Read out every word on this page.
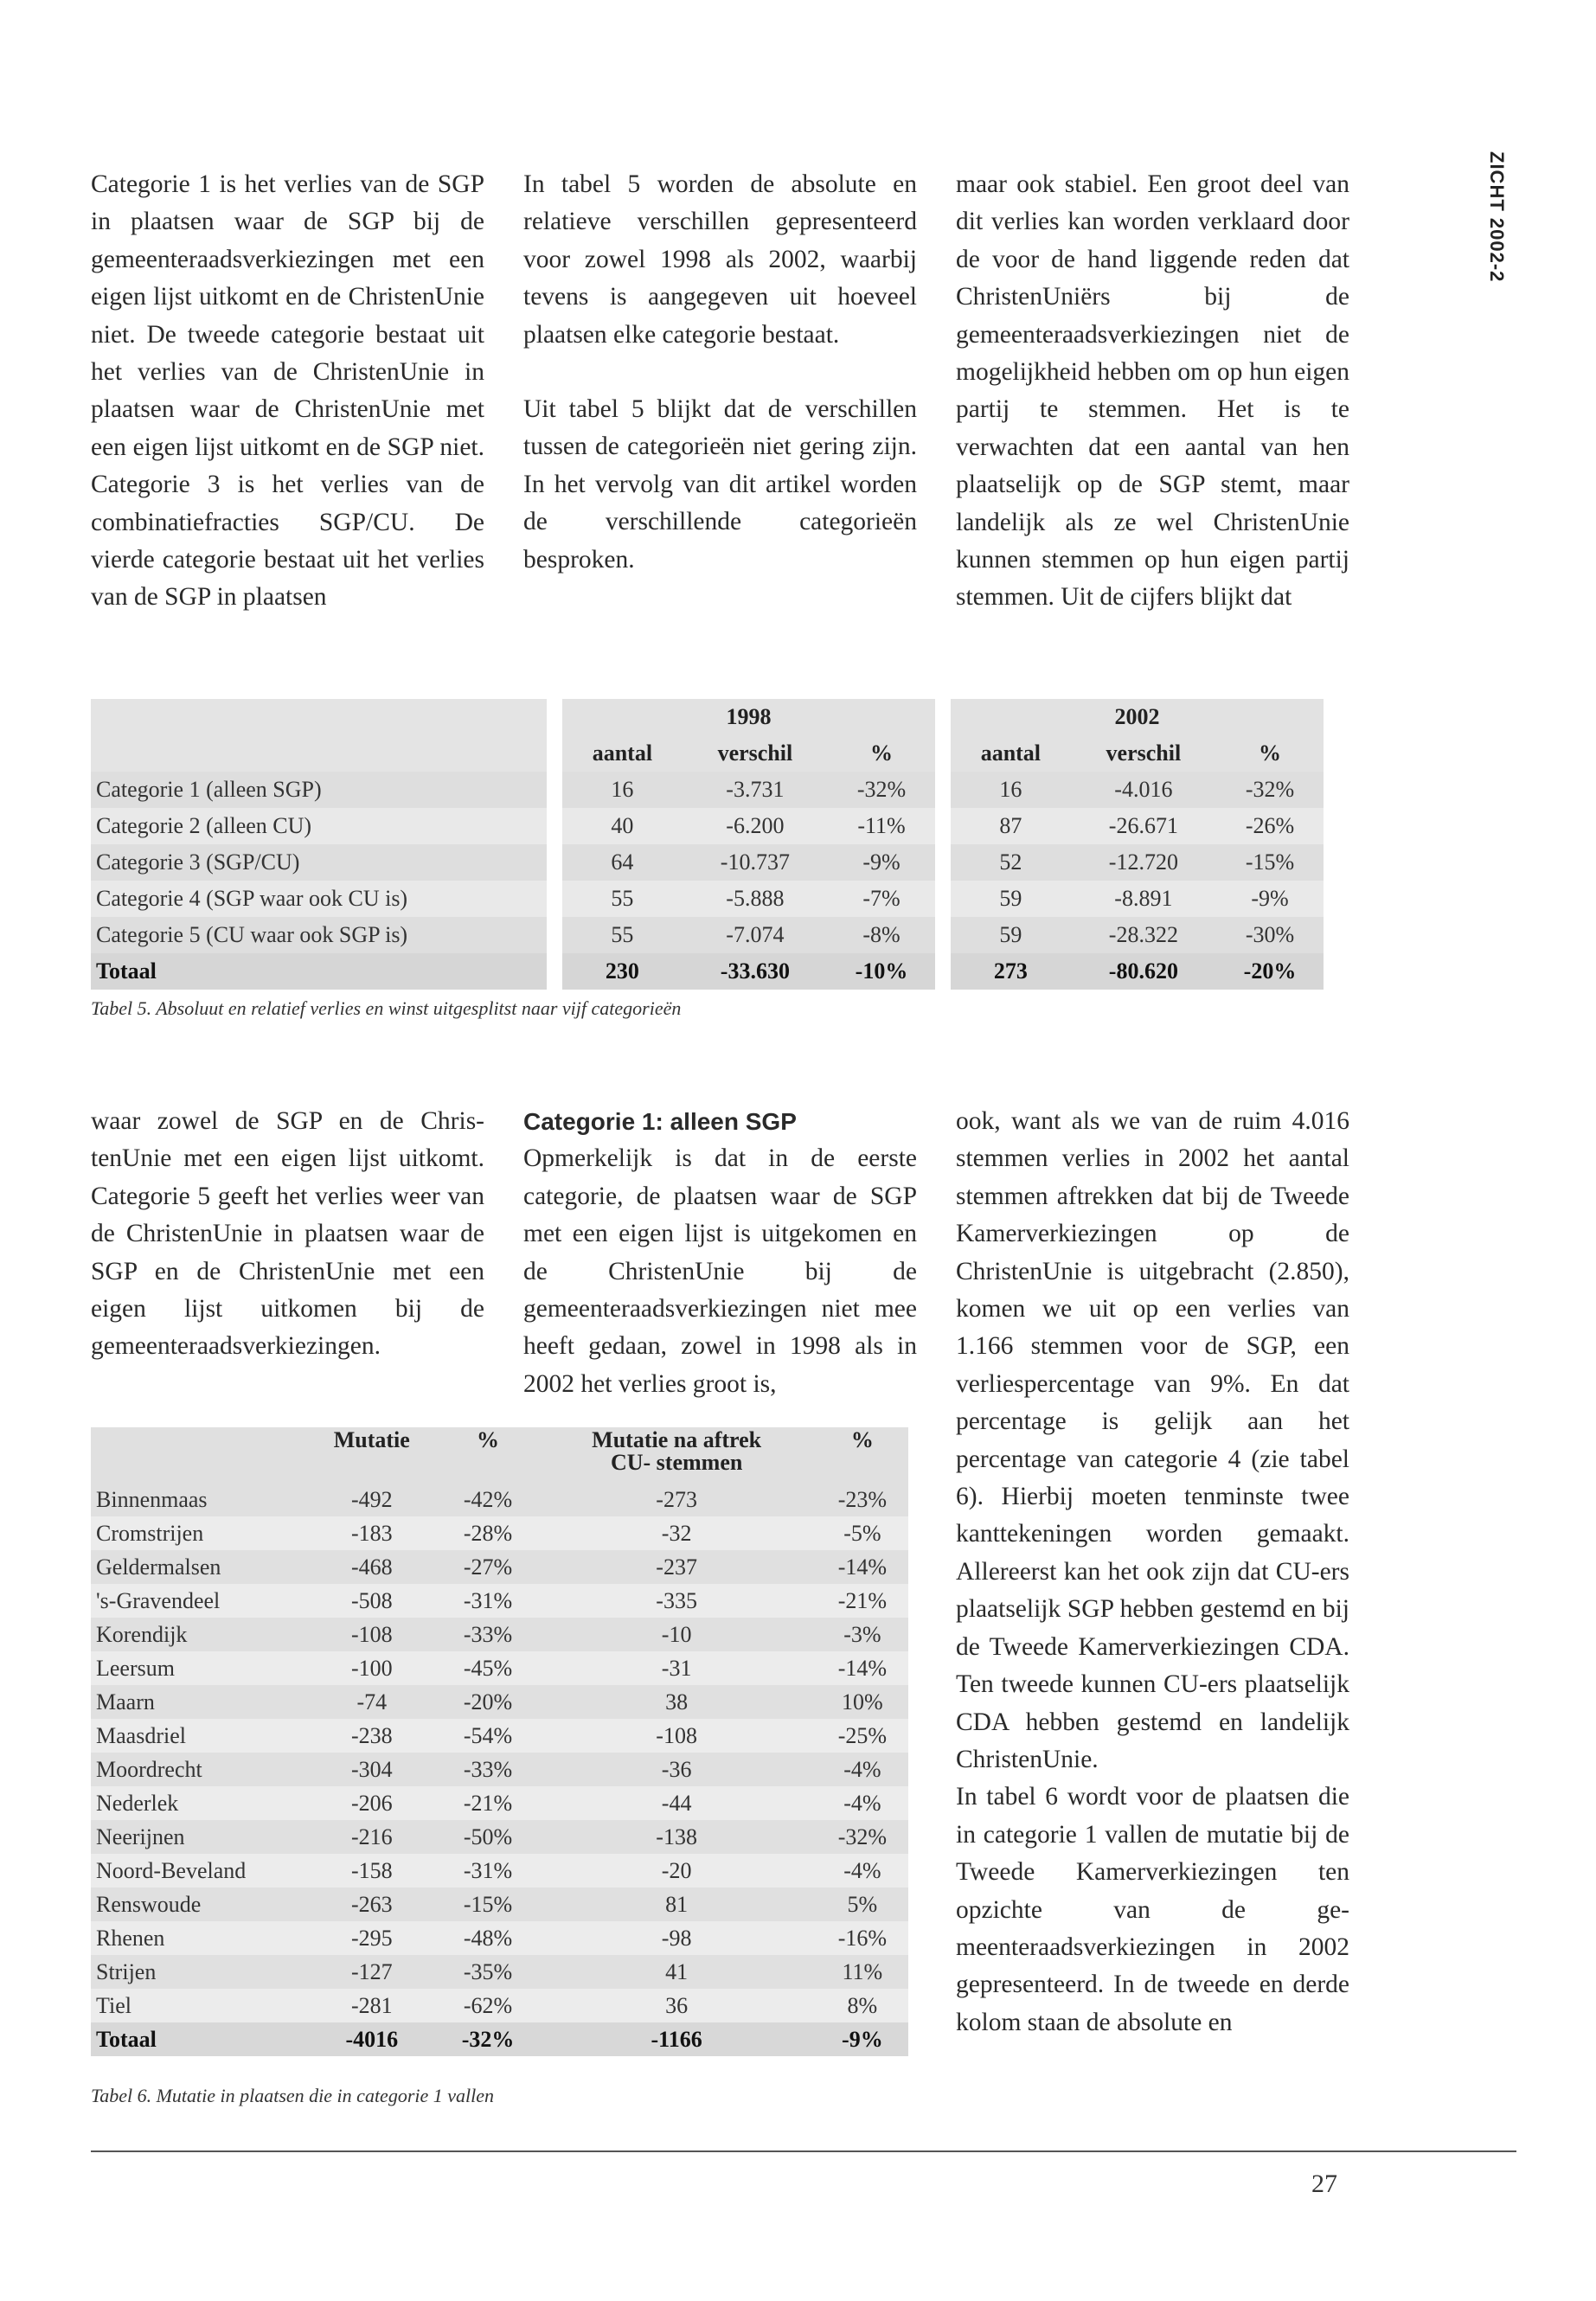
ZICHT 2002-2

Categorie 1 is het verlies van de SGP in plaatsen waar de SGP bij de gemeenteraadsverkiezingen met een eigen lijst uitkomt en de ChristenUnie niet. De tweede categorie bestaat uit het verlies van de ChristenUnie in plaatsen waar de ChristenUnie met een eigen lijst uitkomt en de SGP niet. Categorie 3 is het verlies van de combinatiefracties SGP/CU. De vierde categorie bestaat uit het verlies van de SGP in plaatsen

In tabel 5 worden de absolute en relatieve verschillen gepresenteerd voor zowel 1998 als 2002, waarbij tevens is aangegeven uit hoeveel plaatsen elke categorie bestaat.

Uit tabel 5 blijkt dat de verschillen tussen de categorieën niet gering zijn. In het vervolg van dit artikel worden de verschillende categorieën besproken.

maar ook stabiel. Een groot deel van dit verlies kan worden verklaard door de voor de hand liggende reden dat ChristenUniërs bij de gemeenteraadsverkiezingen niet de mogelijkheid hebben om op hun eigen partij te stemmen. Het is te verwachten dat een aantal van hen plaatselijk op de SGP stemt, maar landelijk als ze wel ChristenUnie kunnen stemmen op hun eigen partij stemmen. Uit de cijfers blijkt dat

		1998				2002		
		aantal	verschil	%		aantal	verschil	%
Categorie 1 (alleen SGP)		16	-3.731	-32%		16	-4.016	-32%
Categorie 2 (alleen CU)		40	-6.200	-11%		87	-26.671	-26%
Categorie 3 (SGP/CU)		64	-10.737	-9%		52	-12.720	-15%
Categorie 4 (SGP waar ook CU is)		55	-5.888	-7%		59	-8.891	-9%
Categorie 5 (CU waar ook SGP is)		55	-7.074	-8%		59	-28.322	-30%
Totaal		230	-33.630	-10%		273	-80.620	-20%
Tabel 5. Absoluut en relatief verlies en winst uitgesplitst naar vijf categorieën

waar zowel de SGP en de ChristenUnie met een eigen lijst uitkomt. Categorie 5 geeft het verlies weer van de ChristenUnie in plaatsen waar de SGP en de ChristenUnie met een eigen lijst uitkomen bij de gemeenteraadsverkiezingen.

Categorie 1: alleen SGP

Opmerkelijk is dat in de eerste categorie, de plaatsen waar de SGP met een eigen lijst is uitgekomen en de ChristenUnie bij de gemeenteraadsverkiezingen niet mee heeft gedaan, zowel in 1998 als in 2002 het verlies groot is,

ook, want als we van de ruim 4.016 stemmen verlies in 2002 het aantal stemmen aftrekken dat bij de Tweede Kamerverkiezingen op de ChristenUnie is uitgebracht (2.850), komen we uit op een verlies van 1.166 stemmen voor de SGP, een verliespercentage van 9%. En dat percentage is gelijk aan het percentage van categorie 4 (zie tabel 6). Hierbij moeten tenminste twee kanttekeningen worden gemaakt. Allereerst kan het ook zijn dat CU-ers plaatselijk SGP hebben gestemd en bij de Tweede Kamerverkiezingen CDA. Ten tweede kunnen CU-ers plaatselijk CDA hebben gestemd en landelijk ChristenUnie.

In tabel 6 wordt voor de plaatsen die in categorie 1 vallen de mutatie bij de Tweede Kamerverkiezingen ten opzichte van de gemeenteraadsverkiezingen in 2002 gepresenteerd. In de tweede en derde kolom staan de absolute en

	Mutatie	%	Mutatie na aftrek
CU- stemmen	%
Binnenmaas	-492	-42%	-273	-23%
Cromstrijen	-183	-28%	-32	-5%
Geldermalsen	-468	-27%	-237	-14%
's-Gravendeel	-508	-31%	-335	-21%
Korendijk	-108	-33%	-10	-3%
Leersum	-100	-45%	-31	-14%
Maarn	-74	-20%	38	10%
Maasdriel	-238	-54%	-108	-25%
Moordrecht	-304	-33%	-36	-4%
Nederlek	-206	-21%	-44	-4%
Neerijnen	-216	-50%	-138	-32%
Noord-Beveland	-158	-31%	-20	-4%
Renswoude	-263	-15%	81	5%
Rhenen	-295	-48%	-98	-16%
Strijen	-127	-35%	41	11%
Tiel	-281	-62%	36	8%
Totaal	-4016	-32%	-1166	-9%
Tabel 6. Mutatie in plaatsen die in categorie 1 vallen
27
